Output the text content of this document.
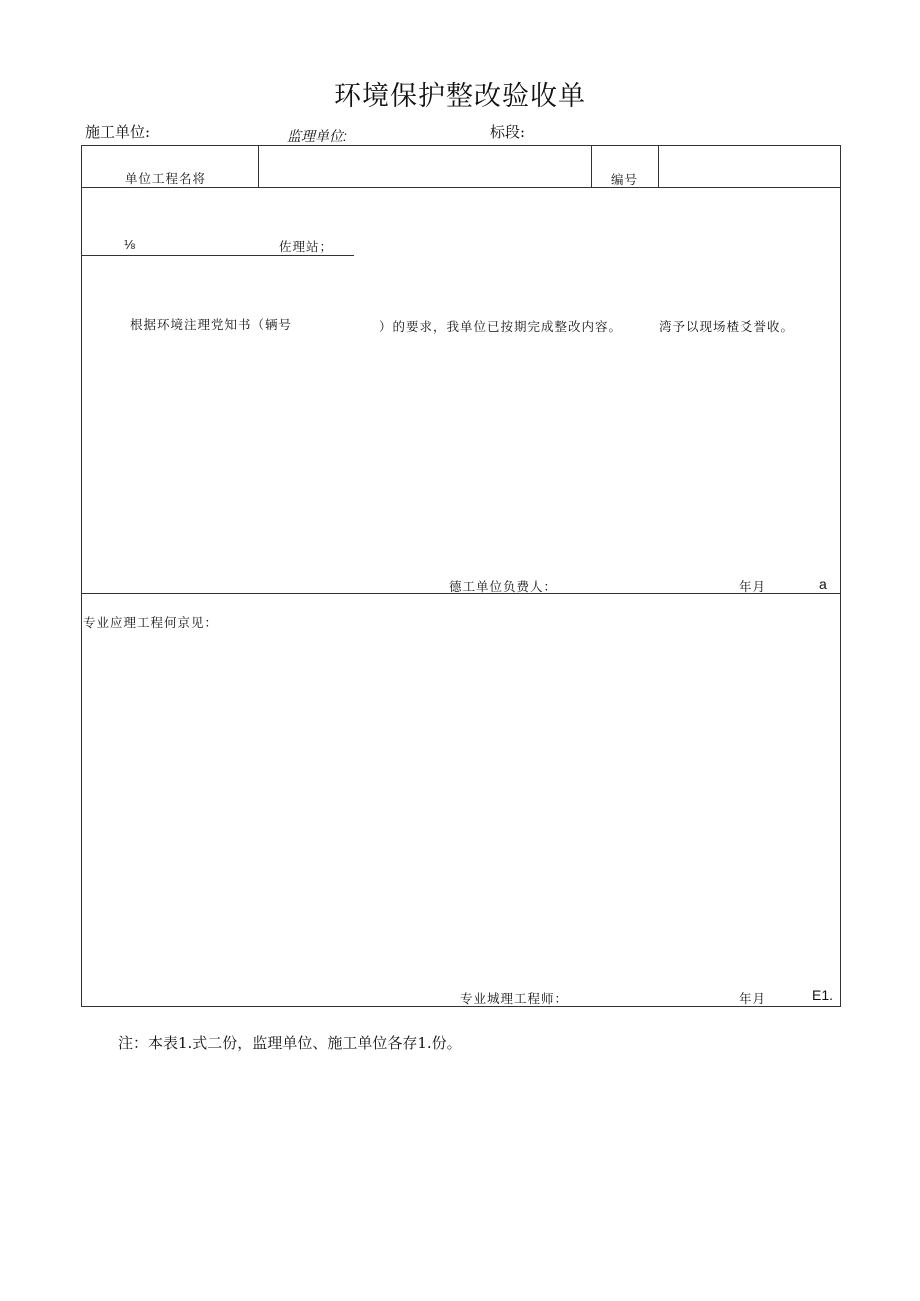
环境保护整改验收单
施工单位:	监理单位:	标段:
单位工程名将	编号
⅛	佐理站；
根据环境注理党知书（辆号	）的要求，我单位已按期完成整改内容。	湾予以现场楂爻誉收。
德工单位负费人：	年月	a
专业应理工程何京见：
专业城理工程师：	年月	E1.
注：本表1.式二份，监理单位、施工单位各存1.份。
